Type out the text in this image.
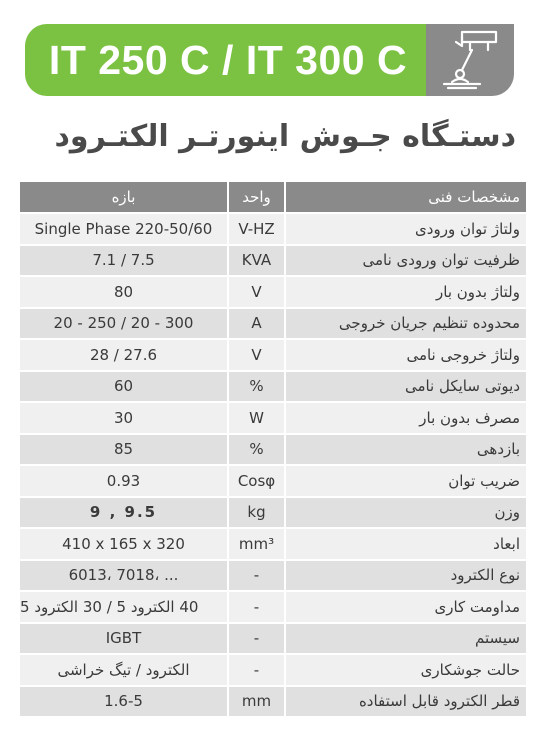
IT 250 C / IT 300 C
دستـگاه جـوش اینورتـر الکتـرود
بازه	واحد	مشخصات فنی
Single Phase 220-50/60	V-HZ	ولتاژ توان ورودی
7.1 / 7.5	KVA	ظرفیت توان ورودی نامی
80	V	ولتاژ بدون بار
20 - 250 / 20 - 300	A	محدوده تنظیم جریان خروجی
28 / 27.6	V	ولتاژ خروجی نامی
60	%	دیوتی سایکل نامی
30	W	مصرف بدون بار
85	%	بازدهی
0.93	Cosφ	ضریب توان
9 , 9.5	kg	وزن
410 x 165 x 320	mm³	ابعاد
6013، 7018، ...	-	نوع الکترود
40 الکترود 5 / 30 الکترود 5	-	مداومت کاری
IGBT	-	سیستم
الکترود / تیگ خراشی	-	حالت جوشکاری
1.6-5	mm	قطر الکترود قابل استفاده
